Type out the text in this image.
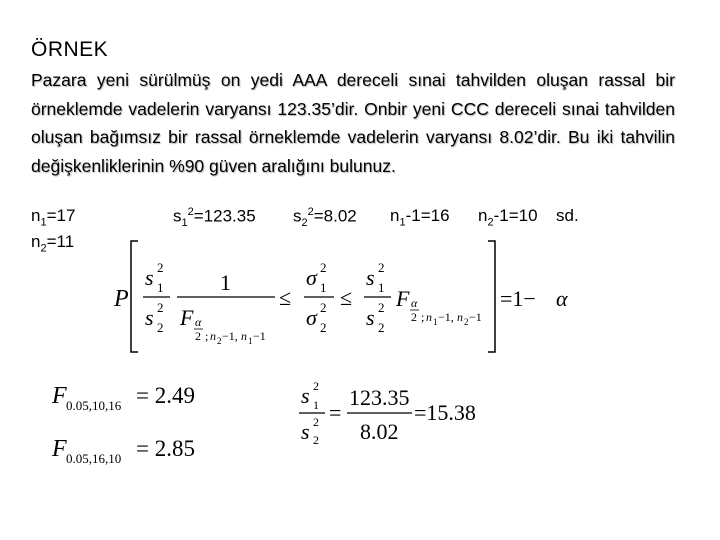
ÖRNEK
Pazara yeni sürülmüş on yedi AAA dereceli sınai tahvilden oluşan rassal bir örneklemde vadelerin varyansı 123.35’dir. Onbir yeni CCC dereceli sınai tahvilden oluşan bağımsız bir rassal örneklemde vadelerin varyansı 8.02’dir. Bu iki tahvilin değişkenliklerinin %90 güven aralığını bulunuz.
$n_1=17$
$n_2=11$
$s_1^2=123.35$ $s_2^2=8.02$ $n_1-1=16$ $n_2-1=10$ sd.
P
s 2
1
s 2
2
1
F α
2 ; n 2 −1, n 1 −1
≤
σ 2
1
σ 2
2
≤
s 2
1
s 2
2
F α
2 ; n 1 −1, n 2 −1
=1− α
F 0.05,10,16 = 2.49
F 0.05,16,10 = 2.85
s 2
1
s 2
2
=
123.35
8.02
=15.38
